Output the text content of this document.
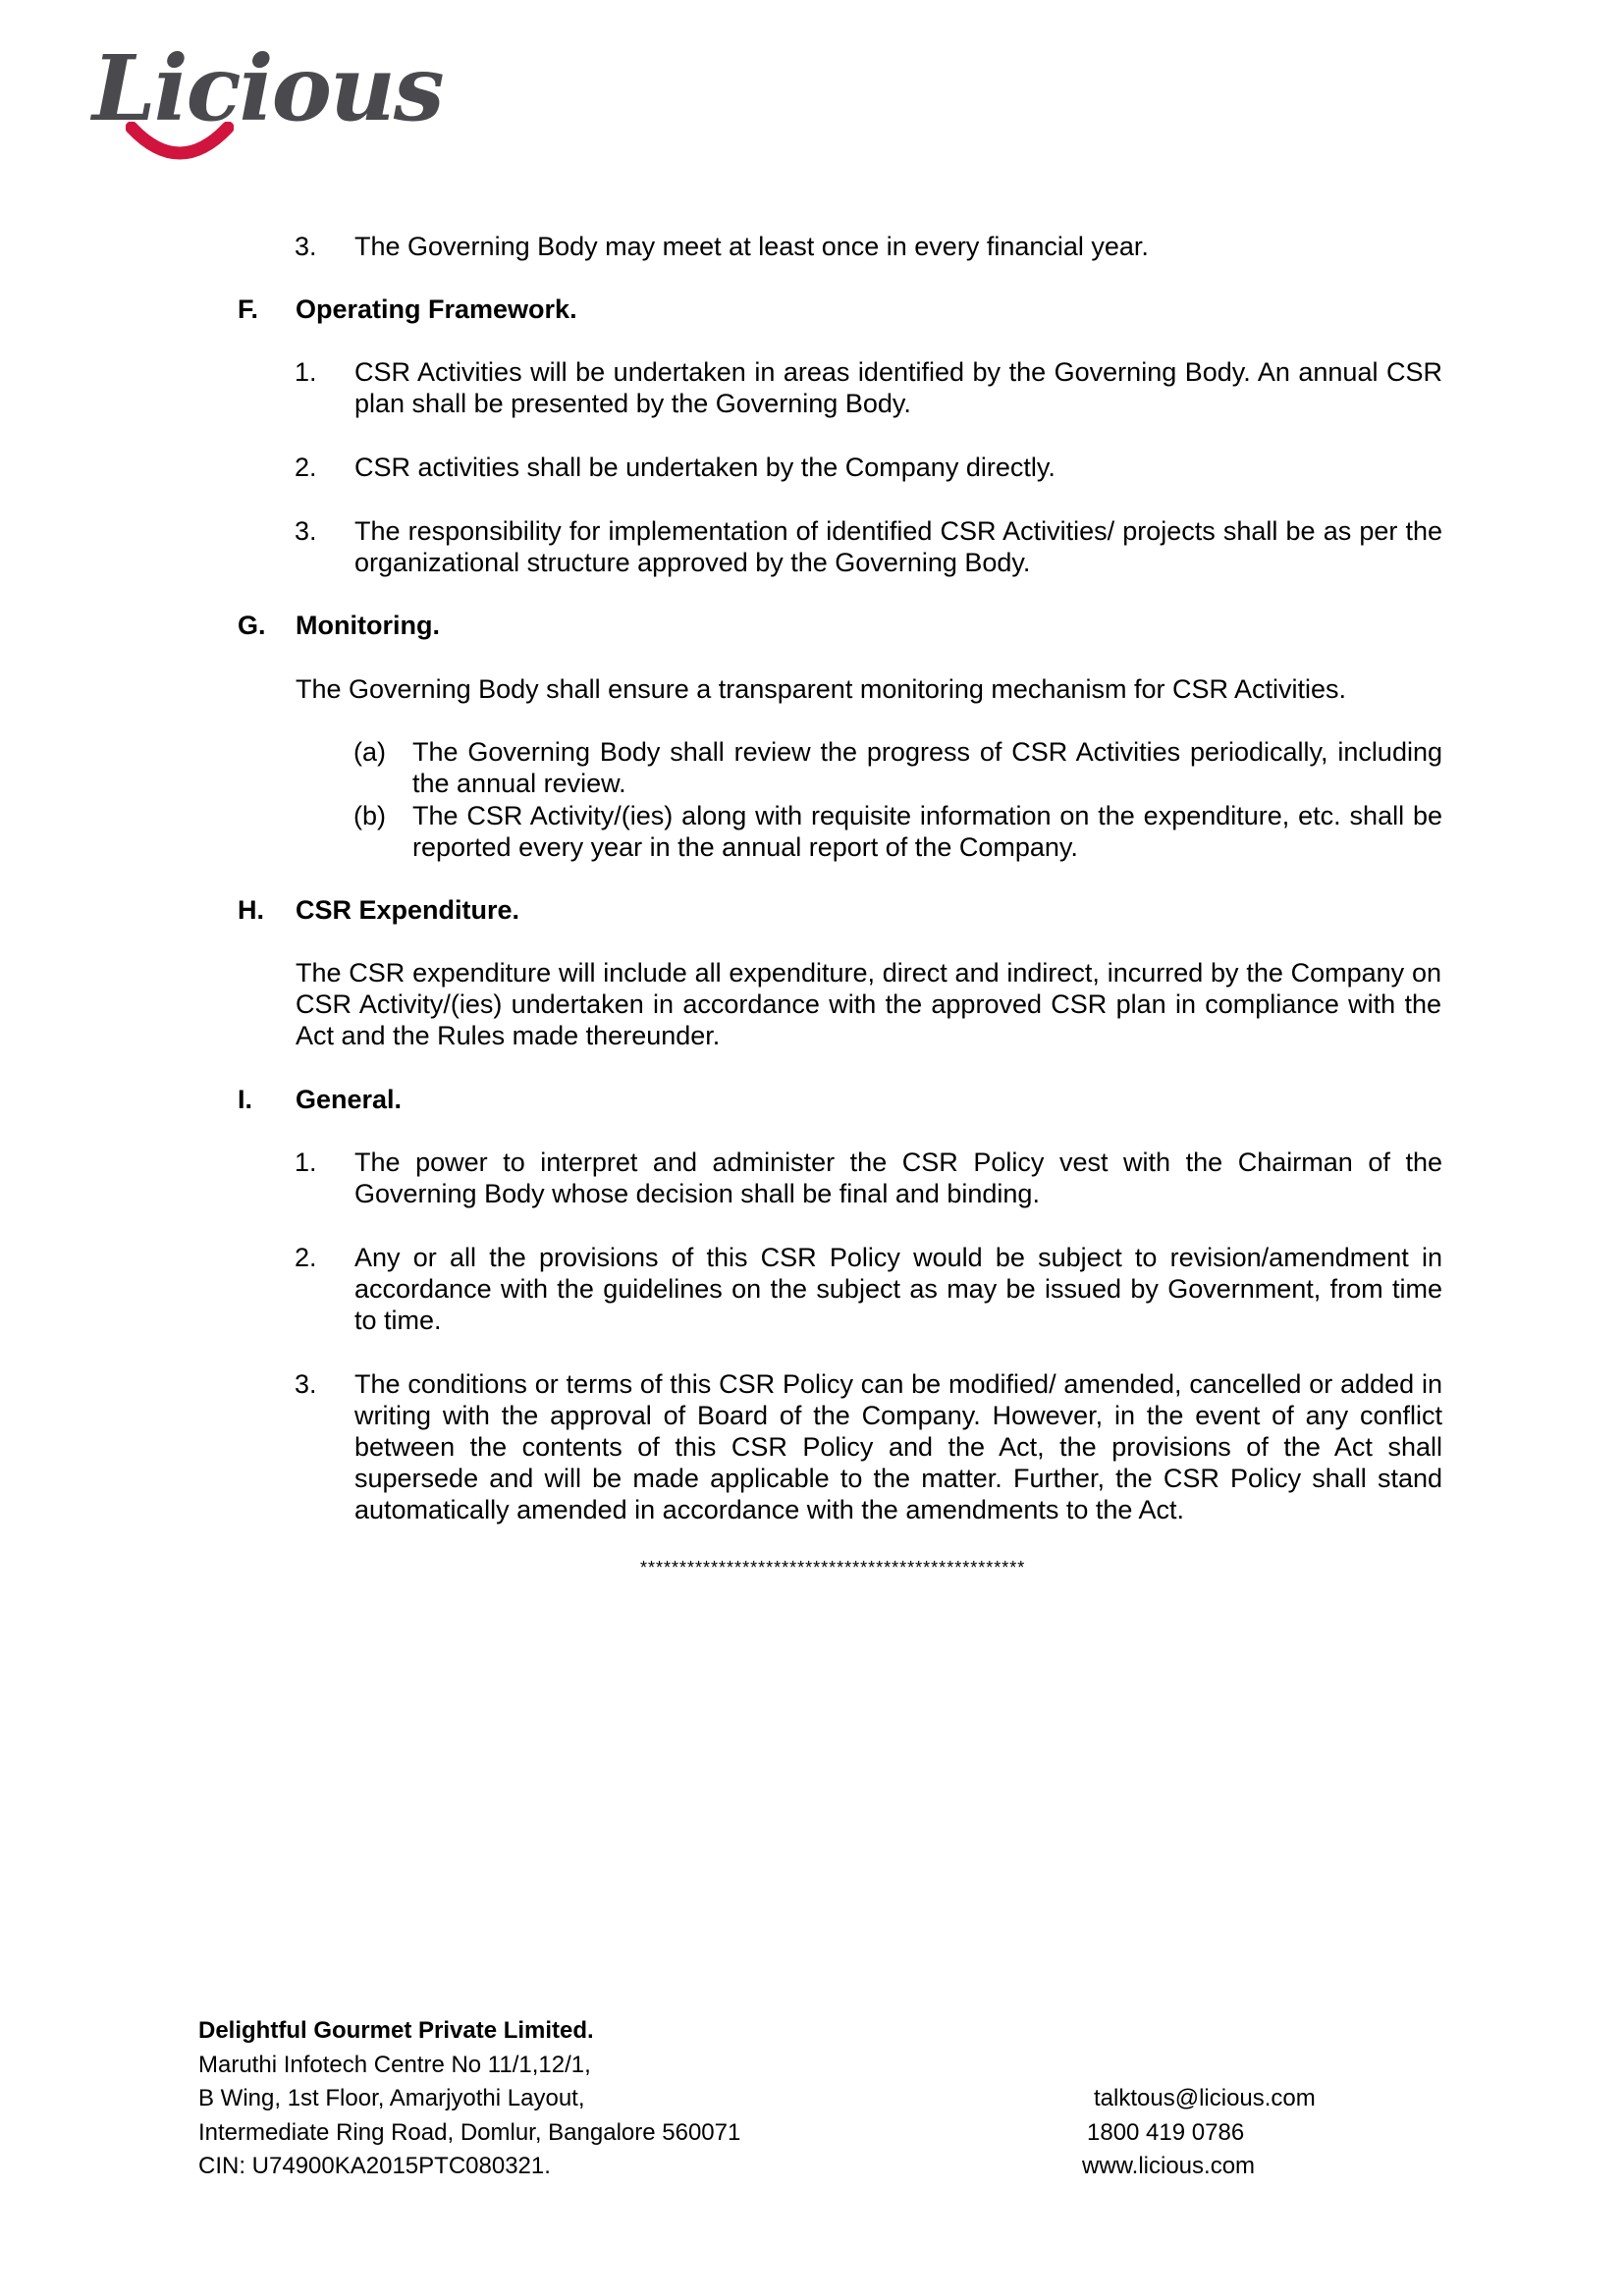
Licious
3. The Governing Body may meet at least once in every financial year.
F. Operating Framework.
1. CSR Activities will be undertaken in areas identified by the Governing Body. An annual CSR plan shall be presented by the Governing Body.
2. CSR activities shall be undertaken by the Company directly.
3. The responsibility for implementation of identified CSR Activities/ projects shall be as per the organizational structure approved by the Governing Body.
G. Monitoring.
The Governing Body shall ensure a transparent monitoring mechanism for CSR Activities.
(a) The Governing Body shall review the progress of CSR Activities periodically, including the annual review.
(b) The CSR Activity/(ies) along with requisite information on the expenditure, etc. shall be reported every year in the annual report of the Company.
H. CSR Expenditure.
The CSR expenditure will include all expenditure, direct and indirect, incurred by the Company on CSR Activity/(ies) undertaken in accordance with the approved CSR plan in compliance with the Act and the Rules made thereunder.
I. General.
1. The power to interpret and administer the CSR Policy vest with the Chairman of the Governing Body whose decision shall be final and binding.
2. Any or all the provisions of this CSR Policy would be subject to revision/amendment in accordance with the guidelines on the subject as may be issued by Government, from time to time.
3. The conditions or terms of this CSR Policy can be modified/ amended, cancelled or added in writing with the approval of Board of the Company. However, in the event of any conflict between the contents of this CSR Policy and the Act, the provisions of the Act shall supersede and will be made applicable to the matter. Further, the CSR Policy shall stand automatically amended in accordance with the amendments to the Act.
*************************************************
Delightful Gourmet Private Limited.
Maruthi Infotech Centre No 11/1,12/1,
B Wing, 1st Floor, Amarjyothi Layout,
Intermediate Ring Road, Domlur, Bangalore 560071
CIN: U74900KA2015PTC080321.
talktous@licious.com
1800 419 0786
www.licious.com
